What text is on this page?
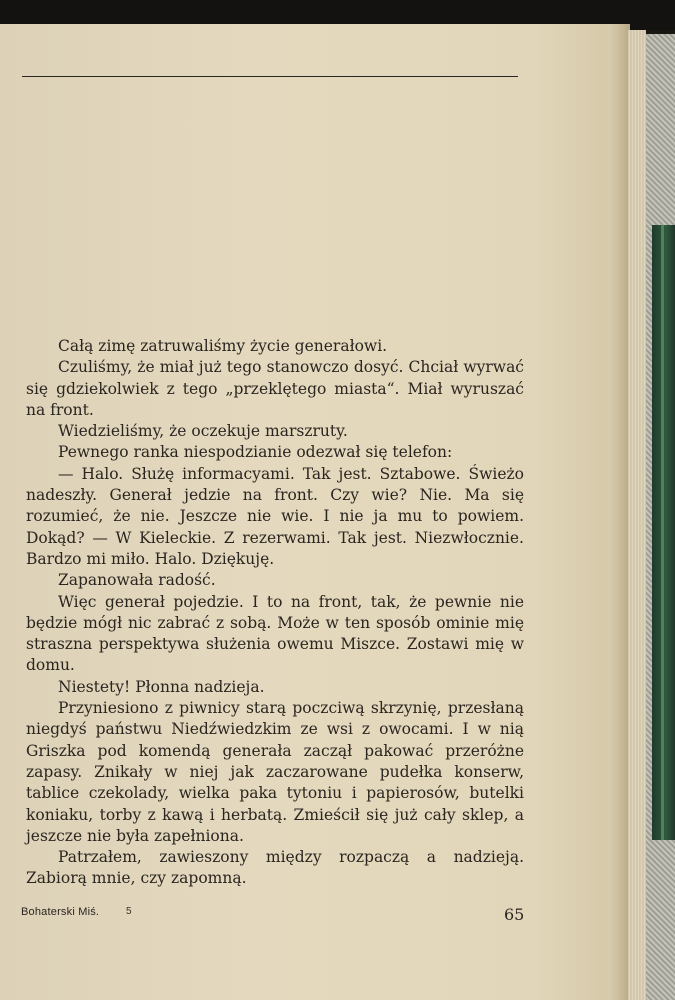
Całą zimę zatruwaliśmy życie generałowi.

Czuliśmy, że miał już tego stanowczo dosyć. Chciał wyrwać się gdziekolwiek z tego „przeklętego miasta“. Miał wyruszać na front.

Wiedzieliśmy, że oczekuje marszruty.

Pewnego ranka niespodzianie odezwał się telefon:

— Halo. Służę informacyami. Tak jest. Sztabowe. Świeżo nadeszły. Generał jedzie na front. Czy wie? Nie. Ma się rozumieć, że nie. Jeszcze nie wie. I nie ja mu to powiem. Dokąd? — W Kieleckie. Z rezerwami. Tak jest. Niezwłocznie. Bardzo mi miło. Halo. Dziękuję.

Zapanowała radość.

Więc generał pojedzie. I to na front, tak, że pewnie nie będzie mógł nic zabrać z sobą. Może w ten sposób ominie mię straszna perspektywa służenia owemu Miszce. Zostawi mię w domu.

Niestety! Płonna nadzieja.

Przyniesiono z piwnicy starą poczciwą skrzynię, przesłaną niegdyś państwu Niedźwiedzkim ze wsi z owocami. I w nią Griszka pod komendą generała zaczął pakować przeróżne zapasy. Znikały w niej jak zaczarowane pudełka konserw, tablice czekolady, wielka paka tytoniu i papierosów, butelki koniaku, torby z kawą i herbatą. Zmieścił się już cały sklep, a jeszcze nie była zapełniona.

Patrzałem, zawieszony między rozpaczą a nadzieją. Zabiorą mnie, czy zapomną.

Bohaterski Miś.	5	65
